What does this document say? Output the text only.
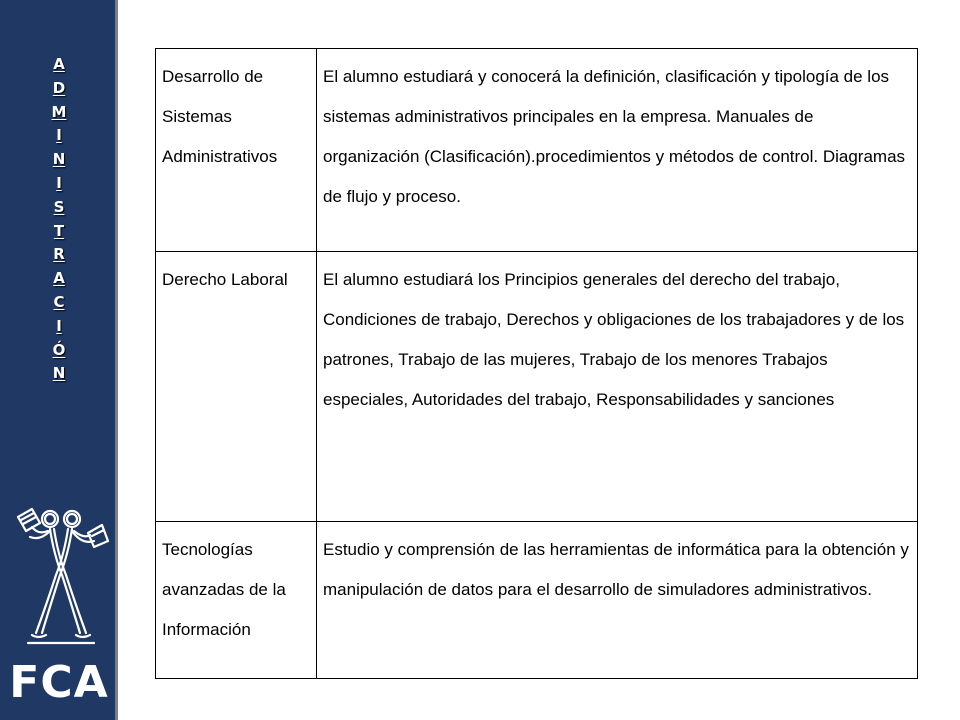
A
D
M
I
N
I
S
T
R
A
C
I
Ó
N
FCA
Desarrollo de Sistemas Administrativos	El alumno estudiará y conocerá la definición, clasificación y tipología de los sistemas administrativos principales en la empresa. Manuales de organización (Clasificación).procedimientos y métodos de control. Diagramas de flujo y proceso.
Derecho Laboral	El alumno estudiará los Principios generales del derecho del trabajo, Condiciones de trabajo, Derechos y obligaciones de los trabajadores y de los patrones, Trabajo de las mujeres, Trabajo de los menores Trabajos especiales, Autoridades del trabajo, Responsabilidades y sanciones
Tecnologías avanzadas de la Información	Estudio y comprensión de las herramientas de informática para la obtención y manipulación de datos para el desarrollo de simuladores administrativos.
